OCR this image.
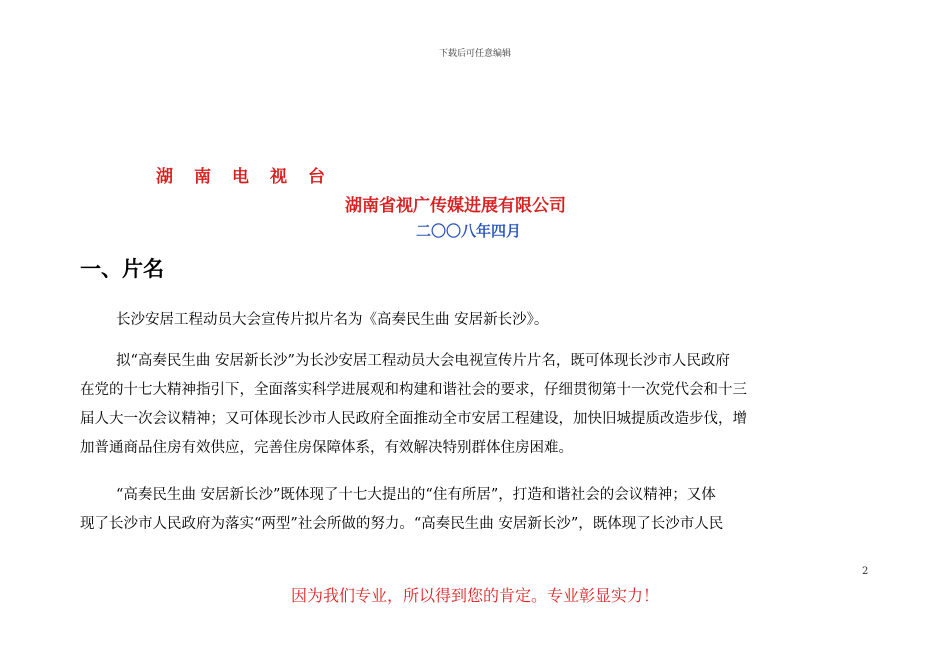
下载后可任意编辑
湖南电视台
湖南省视广传媒进展有限公司
二〇〇八年四月
一、片名
长沙安居工程动员大会宣传片拟片名为《高奏民生曲 安居新长沙》。
拟“高奏民生曲 安居新长沙”为长沙安居工程动员大会电视宣传片片名，既可体现长沙市人民政府
在党的十七大精神指引下，全面落实科学进展观和构建和谐社会的要求，仔细贯彻第十一次党代会和十三
届人大一次会议精神；又可体现长沙市人民政府全面推动全市安居工程建设，加快旧城提质改造步伐，增
加普通商品住房有效供应，完善住房保障体系，有效解决特别群体住房困难。
“高奏民生曲 安居新长沙”既体现了十七大提出的“住有所居”，打造和谐社会的会议精神；又体
现了长沙市人民政府为落实“两型”社会所做的努力。“高奏民生曲 安居新长沙”，既体现了长沙市人民
2
因为我们专业，所以得到您的肯定。专业彰显实力！
